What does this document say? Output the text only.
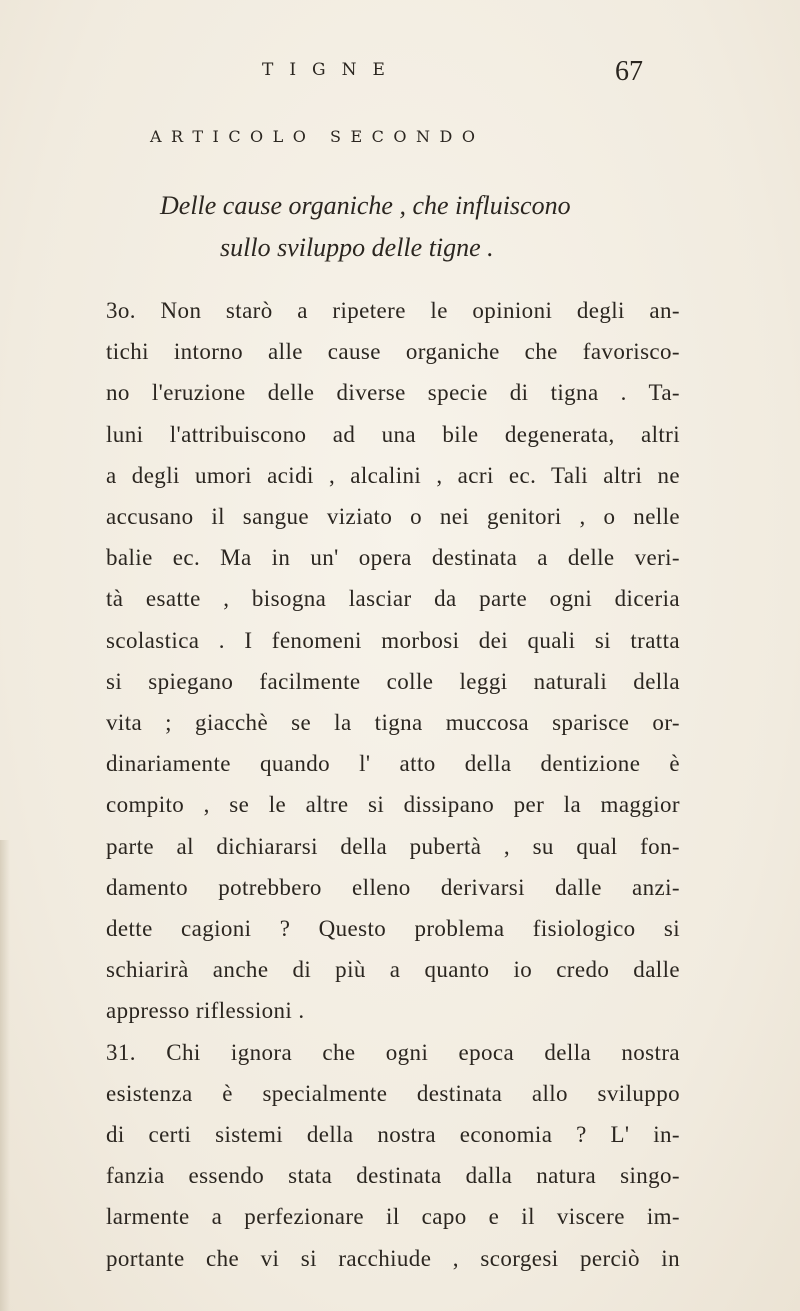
TIGNE	67
ARTICOLO SECONDO
Delle cause organiche , che influiscono
sullo sviluppo delle tigne .
3o. Non starò a ripetere le opinioni degli an-
tichi intorno alle cause organiche che favorisco-
no l'eruzione delle diverse specie di tigna . Ta-
luni l'attribuiscono ad una bile degenerata, altri
a degli umori acidi , alcalini , acri ec. Tali altri ne
accusano il sangue viziato o nei genitori , o nelle
balie ec. Ma in un' opera destinata a delle veri-
tà esatte , bisogna lasciar da parte ogni diceria
scolastica . I fenomeni morbosi dei quali si tratta
si spiegano facilmente colle leggi naturali della
vita ; giacchè se la tigna muccosa sparisce or-
dinariamente quando l' atto della dentizione è
compito , se le altre si dissipano per la maggior
parte al dichiararsi della pubertà , su qual fon-
damento potrebbero elleno derivarsi dalle anzi-
dette cagioni ? Questo problema fisiologico si
schiarirà anche di più a quanto io credo dalle
appresso riflessioni .
31. Chi ignora che ogni epoca della nostra
esistenza è specialmente destinata allo sviluppo
di certi sistemi della nostra economia ? L' in-
fanzia essendo stata destinata dalla natura singo-
larmente a perfezionare il capo e il viscere im-
portante che vi si racchiude , scorgesi perciò in
